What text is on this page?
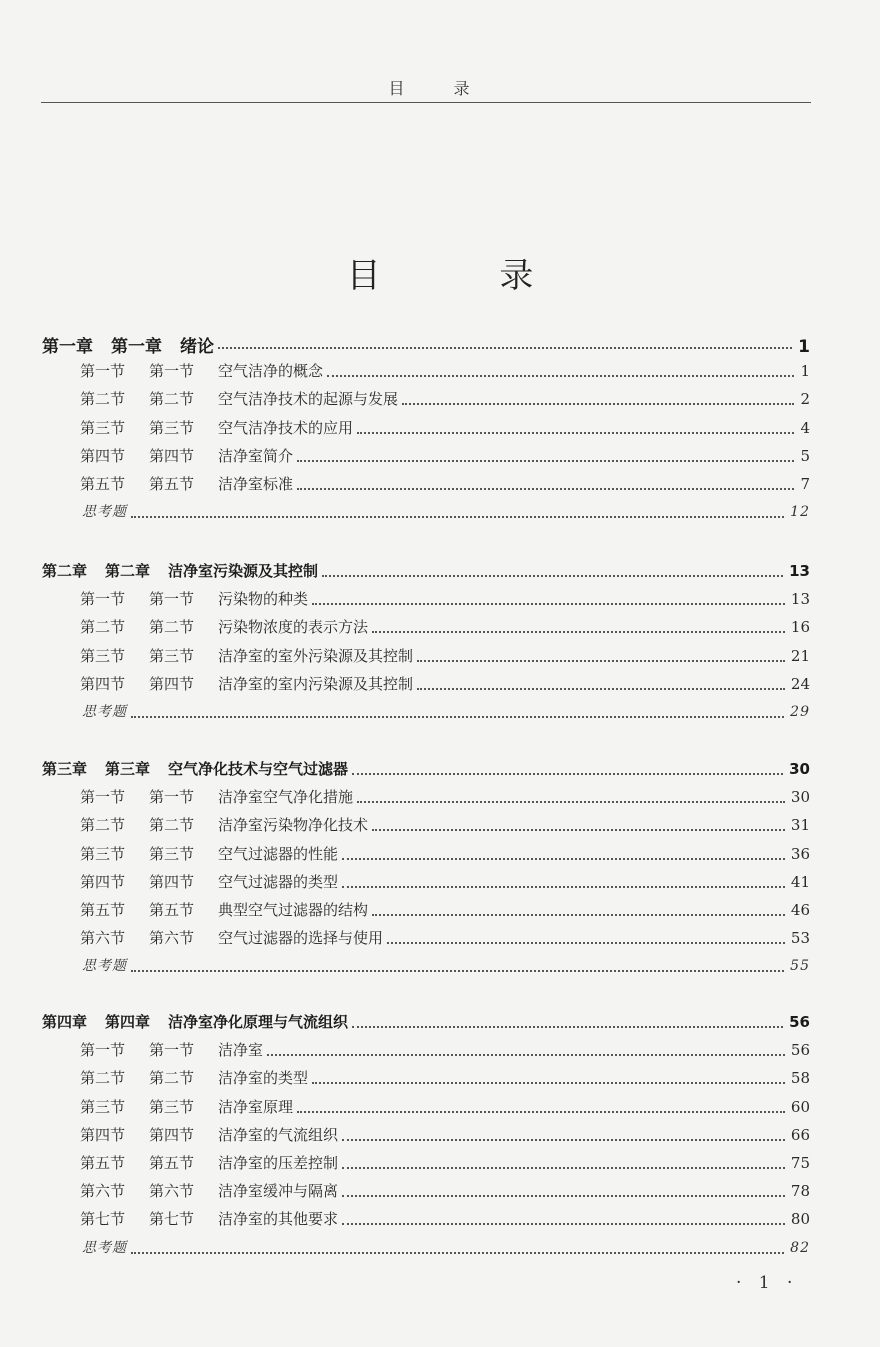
目 录
目 录
第一章 第一章 绪论	1
第一节 第一节 空气洁净的概念	1
第二节 第二节 空气洁净技术的起源与发展	2
第三节 第三节 空气洁净技术的应用	4
第四节 第四节 洁净室简介	5
第五节 第五节 洁净室标准	7
思考题	12
第二章 第二章 洁净室污染源及其控制	13
第一节 第一节 污染物的种类	13
第二节 第二节 污染物浓度的表示方法	16
第三节 第三节 洁净室的室外污染源及其控制	21
第四节 第四节 洁净室的室内污染源及其控制	24
思考题	29
第三章 第三章 空气净化技术与空气过滤器	30
第一节 第一节 洁净室空气净化措施	30
第二节 第二节 洁净室污染物净化技术	31
第三节 第三节 空气过滤器的性能	36
第四节 第四节 空气过滤器的类型	41
第五节 第五节 典型空气过滤器的结构	46
第六节 第六节 空气过滤器的选择与使用	53
思考题	55
第四章 第四章 洁净室净化原理与气流组织	56
第一节 第一节 洁净室	56
第二节 第二节 洁净室的类型	58
第三节 第三节 洁净室原理	60
第四节 第四节 洁净室的气流组织	66
第五节 第五节 洁净室的压差控制	75
第六节 第六节 洁净室缓冲与隔离	78
第七节 第七节 洁净室的其他要求	80
思考题	82
· 1 ·
